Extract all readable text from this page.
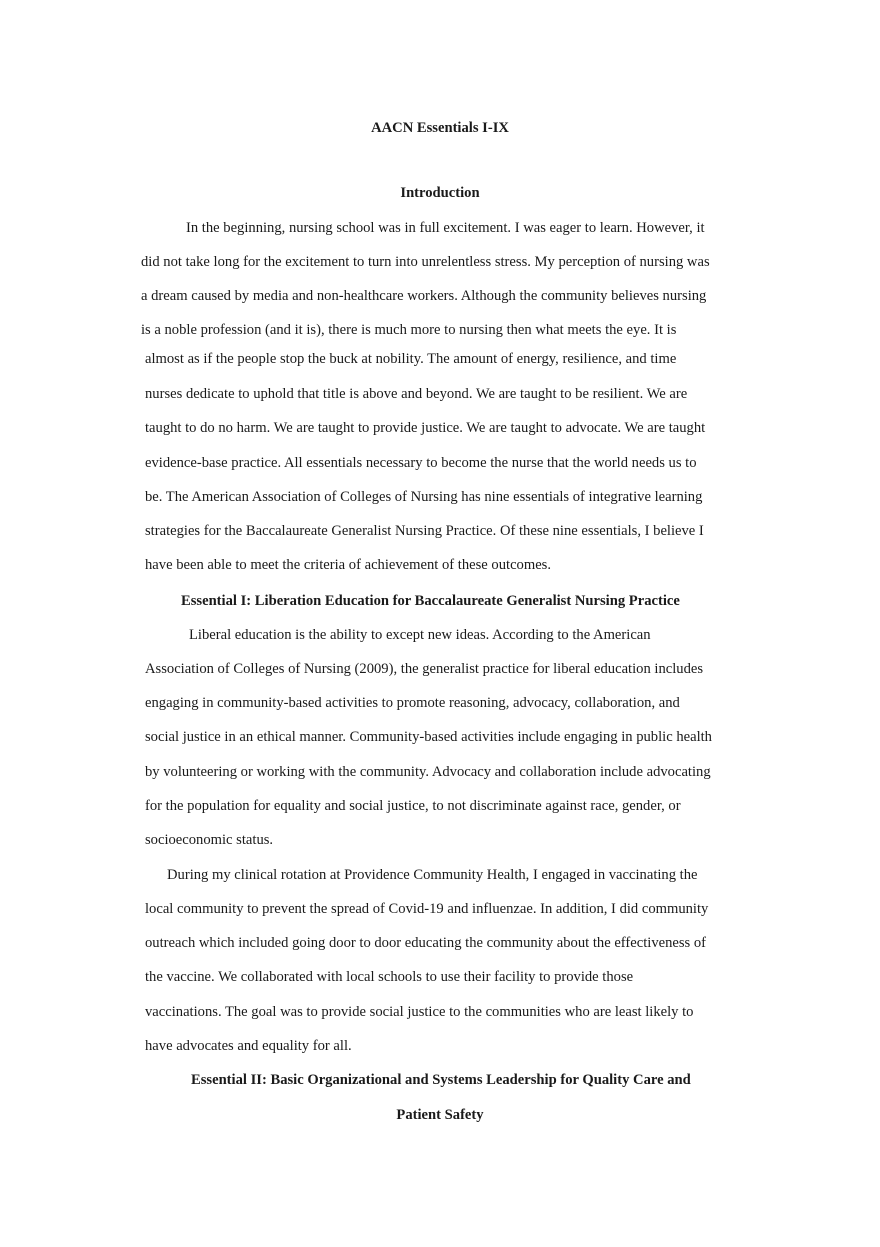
AACN Essentials I-IX
Introduction
In the beginning, nursing school was in full excitement. I was eager to learn. However, it
did not take long for the excitement to turn into unrelentless stress. My perception of nursing was
a dream caused by media and non-healthcare workers. Although the community believes nursing
is a noble profession (and it is), there is much more to nursing then what meets the eye. It is
almost as if the people stop the buck at nobility. The amount of energy, resilience, and time
nurses dedicate to uphold that title is above and beyond. We are taught to be resilient. We are
taught to do no harm. We are taught to provide justice. We are taught to advocate. We are taught
evidence-base practice. All essentials necessary to become the nurse that the world needs us to
be. The American Association of Colleges of Nursing has nine essentials of integrative learning
strategies for the Baccalaureate Generalist Nursing Practice. Of these nine essentials, I believe I
have been able to meet the criteria of achievement of these outcomes.
Essential I: Liberation Education for Baccalaureate Generalist Nursing Practice
Liberal education is the ability to except new ideas. According to the American
Association of Colleges of Nursing (2009), the generalist practice for liberal education includes
engaging in community-based activities to promote reasoning, advocacy, collaboration, and
social justice in an ethical manner. Community-based activities include engaging in public health
by volunteering or working with the community. Advocacy and collaboration include advocating
for the population for equality and social justice, to not discriminate against race, gender, or
socioeconomic status.
During my clinical rotation at Providence Community Health, I engaged in vaccinating the
local community to prevent the spread of Covid-19 and influenzae. In addition, I did community
outreach which included going door to door educating the community about the effectiveness of
the vaccine. We collaborated with local schools to use their facility to provide those
vaccinations. The goal was to provide social justice to the communities who are least likely to
have advocates and equality for all.
Essential II: Basic Organizational and Systems Leadership for Quality Care and
Patient Safety
